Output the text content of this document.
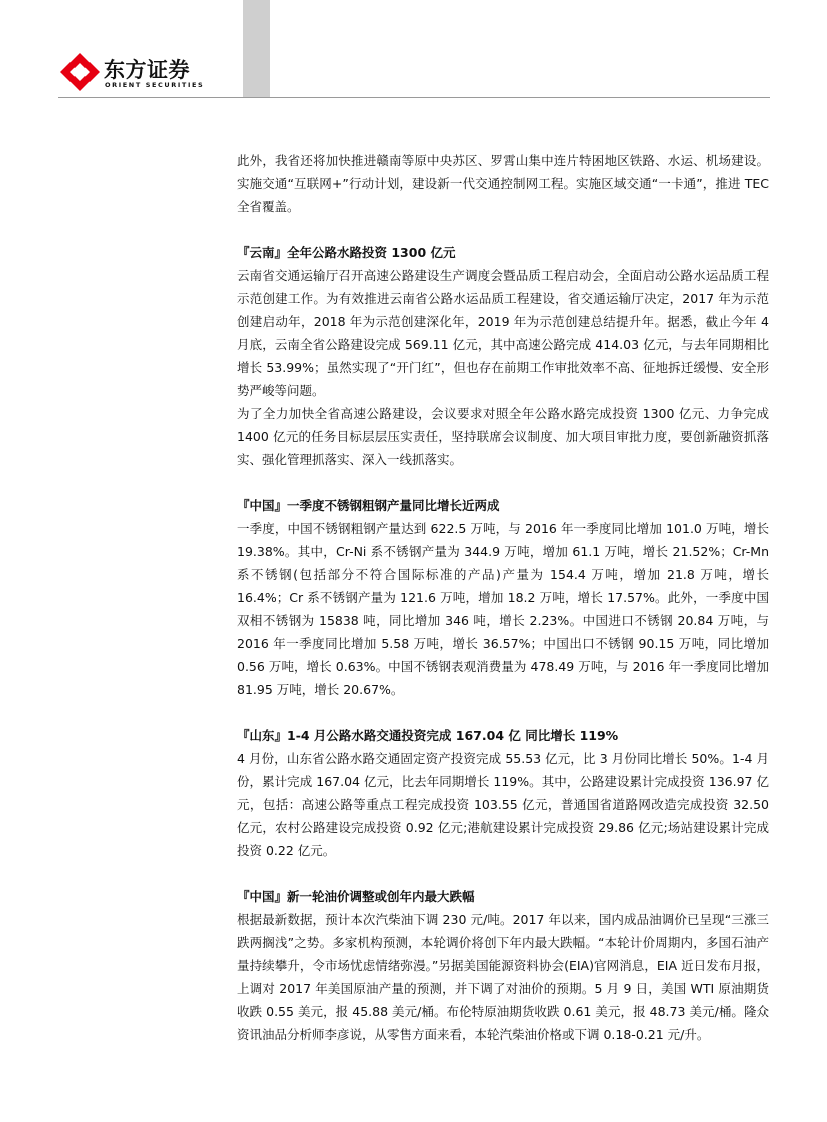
东方证券
ORIENT SECURITIES

此外，我省还将加快推进赣南等原中央苏区、罗霄山集中连片特困地区铁路、水运、机场建设。实施交通“互联网+”行动计划，建设新一代交通控制网工程。实施区域交通“一卡通”，推进 TEC 全省覆盖。

『云南』全年公路水路投资 1300 亿元

云南省交通运输厅召开高速公路建设生产调度会暨品质工程启动会，全面启动公路水运品质工程示范创建工作。为有效推进云南省公路水运品质工程建设，省交通运输厅决定，2017 年为示范创建启动年，2018 年为示范创建深化年，2019 年为示范创建总结提升年。据悉，截止今年 4 月底，云南全省公路建设完成 569.11 亿元，其中高速公路完成 414.03 亿元，与去年同期相比增长 53.99%；虽然实现了“开门红”，但也存在前期工作审批效率不高、征地拆迁缓慢、安全形势严峻等问题。

为了全力加快全省高速公路建设，会议要求对照全年公路水路完成投资 1300 亿元、力争完成 1400 亿元的任务目标层层压实责任，坚持联席会议制度、加大项目审批力度，要创新融资抓落实、强化管理抓落实、深入一线抓落实。

『中国』一季度不锈钢粗钢产量同比增长近两成

一季度，中国不锈钢粗钢产量达到 622.5 万吨，与 2016 年一季度同比增加 101.0 万吨，增长 19.38%。其中，Cr-Ni 系不锈钢产量为 344.9 万吨，增加 61.1 万吨，增长 21.52%；Cr-Mn 系不锈钢(包括部分不符合国际标准的产品)产量为 154.4 万吨，增加 21.8 万吨，增长 16.4%；Cr 系不锈钢产量为 121.6 万吨，增加 18.2 万吨，增长 17.57%。此外，一季度中国双相不锈钢为 15838 吨，同比增加 346 吨，增长 2.23%。中国进口不锈钢 20.84 万吨，与 2016 年一季度同比增加 5.58 万吨，增长 36.57%；中国出口不锈钢 90.15 万吨，同比增加 0.56 万吨，增长 0.63%。中国不锈钢表观消费量为 478.49 万吨，与 2016 年一季度同比增加 81.95 万吨，增长 20.67%。

『山东』1-4 月公路水路交通投资完成 167.04 亿 同比增长 119%

4 月份，山东省公路水路交通固定资产投资完成 55.53 亿元，比 3 月份同比增长 50%。1-4 月份，累计完成 167.04 亿元，比去年同期增长 119%。其中，公路建设累计完成投资 136.97 亿元，包括：高速公路等重点工程完成投资 103.55 亿元，普通国省道路网改造完成投资 32.50 亿元，农村公路建设完成投资 0.92 亿元;港航建设累计完成投资 29.86 亿元;场站建设累计完成投资 0.22 亿元。

『中国』新一轮油价调整或创年内最大跌幅

根据最新数据，预计本次汽柴油下调 230 元/吨。2017 年以来，国内成品油调价已呈现“三涨三跌两搁浅”之势。多家机构预测，本轮调价将创下年内最大跌幅。“本轮计价周期内，多国石油产量持续攀升，令市场忧虑情绪弥漫。”另据美国能源资料协会(EIA)官网消息，EIA 近日发布月报，上调对 2017 年美国原油产量的预测，并下调了对油价的预期。5 月 9 日，美国 WTI 原油期货收跌 0.55 美元，报 45.88 美元/桶。布伦特原油期货收跌 0.61 美元，报 48.73 美元/桶。隆众资讯油品分析师李彦说，从零售方面来看，本轮汽柴油价格或下调 0.18-0.21 元/升。
